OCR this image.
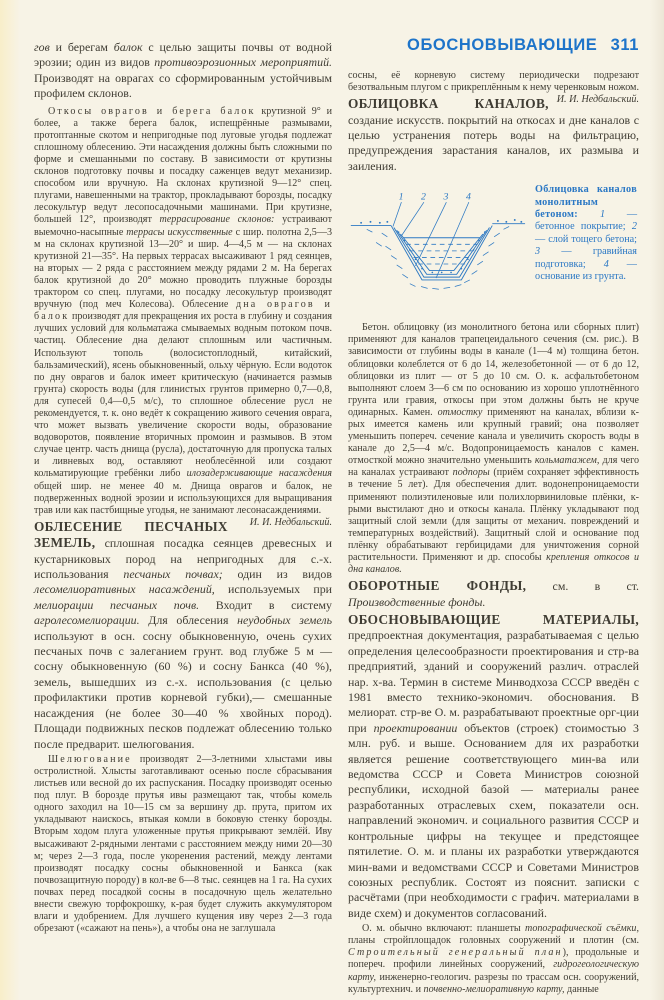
гов и берегам балок с целью защиты почвы от водной эрозии; один из видов противоэрозионных мероприятий. Производят на оврагах со сформированным устойчивым профилем склонов.

Откосы оврагов и берега балок крутизной 9° и более, а также берега балок, испещрённые размывами, протоптанные скотом и непригодные под луговые угодья подлежат сплошному облесению. Эти насаждения должны быть сложными по форме и смешанными по составу. В зависимости от крутизны склонов подготовку почвы и посадку саженцев ведут механизир. способом или вручную. На склонах крутизной 9—12° спец. плугами, навешенными на трактор, прокладывают борозды, посадку лесокультур ведут лесопосадочными машинами. При крутизне, большей 12°, производят террасирование склонов: устраивают выемочно-насыпные террасы искусственные с шир. полотна 2,5—3 м на склонах крутизной 13—20° и шир. 4—4,5 м — на склонах крутизной 21—35°. На первых террасах высаживают 1 ряд сеянцев, на вторых — 2 ряда с расстоянием между рядами 2 м. На берегах балок крутизной до 20° можно проводить плужные борозды трактором со спец. плугами, но посадку лесокультур производят вручную (под меч Колесова). Облесение дна оврагов и балок производят для прекращения их роста в глубину и создания лучших условий для кольматажа смываемых водным потоком почв. частиц. Облесение дна делают сплошным или частичным. Используют тополь (волосистоплодный, китайский, бальзамический), ясень обыкновенный, ольху чёрную. Если водоток по дну оврагов и балок имеет критическую (начинается размыв грунта) скорость воды (для глинистых грунтов примерно 0,7—0,8, для супесей 0,4—0,5 м/с), то сплошное облесение русл не рекомендуется, т. к. оно ведёт к сокращению живого сечения оврага, что может вызвать увеличение скорости воды, образование водоворотов, появление вторичных промоин и размывов. В этом случае центр. часть днища (русла), достаточную для пропуска талых и ливневых вод, оставляют необлесённой или создают кольматирующие гребёнки либо илозадерживающие насаждения общей шир. не менее 40 м. Днища оврагов и балок, не подверженных водной эрозии и использующихся для выращивания трав или как пастбищные угодья, не занимают лесонасаждениями.
И. И. Недбальский.

ОБЛЕСЕНИЕ ПЕСЧАНЫХ ЗЕМЕЛЬ, сплошная посадка сеянцев древесных и кустарниковых пород на непригодных для с.-х. использования песчаных почвах; один из видов лесомелиоративных насаждений, используемых при мелиорации песчаных почв. Входит в систему агролесомелиорации. Для облесения неудобных земель используют в осн. сосну обыкновенную, очень сухих песчаных почв с залеганием грунт. вод глубже 5 м — сосну обыкновенную (60 %) и сосну Банкса (40 %), земель, вышедших из с.-х. использования (с целью профилактики против корневой губки),— смешанные насаждения (не более 30—40 % хвойных пород). Площади подвижных песков подлежат облесению только после предварит. шелюгования.

Шелюгование производят 2—3-летними хлыстами ивы остролистной. Хлысты заготавливают осенью после сбрасывания листьев или весной до их распускания. Посадку производят осенью под плуг. В борозде прутья ивы размещают так, чтобы комель одного заходил на 10—15 см за вершину др. прута, притом их укладывают наискось, втыкая комли в боковую стенку борозды. Вторым ходом плуга уложенные прутья прикрывают землёй. Иву высаживают 2-рядными лентами с расстоянием между ними 20—30 м; через 2—3 года, после укоренения растений, между лентами производят посадку сосны обыкновенной и Банкса (как почвозащитную породу) в кол-ве 6—8 тыс. сеянцев на 1 га. На сухих почвах перед посадкой сосны в посадочную щель желательно внести свежую торфокрошку, к-рая будет служить аккумулятором влаги и удобрением. Для лучшего кущения иву через 2—3 года обрезают («сажают на пень»), а чтобы она не заглушала

ОБОСНОВЫВАЮЩИЕ 311

сосны, её корневую систему периодически подрезают безотвальным плугом с прикреплённым к нему черенковым ножом.
И. И. Недбальский.

ОБЛИЦОВКА КАНАЛОВ, создание искусств. покрытий на откосах и дне каналов с целью устранения потерь воды на фильтрацию, предупреждения зарастания каналов, их размыва и заиления.

1 2 3 4
Облицовка каналов монолитным бетоном: 1 — бетонное покрытие; 2 — слой тощего бетона; 3 — гравийная подготовка; 4 — основание из грунта.

Бетон. облицовку (из монолитного бетона или сборных плит) применяют для каналов трапецеидального сечения (см. рис.). В зависимости от глубины воды в канале (1—4 м) толщина бетон. облицовки колеблется от 6 до 14, железобетонной — от 6 до 12, облицовки из плит — от 5 до 10 см. О. к. асфальтобетоном выполняют слоем 3—6 см по основанию из хорошо уплотнённого грунта или гравия, откосы при этом должны быть не круче одинарных. Камен. отмостку применяют на каналах, вблизи к-рых имеется камень или крупный гравий; она позволяет уменьшить попереч. сечение канала и увеличить скорость воды в канале до 2,5—4 м/с. Водопроницаемость каналов с камен. отмосткой можно значительно уменьшить кольматажем, для чего на каналах устраивают подпоры (приём сохраняет эффективность в течение 5 лет). Для обеспечения длит. водонепроницаемости применяют полиэтиленовые или полихлорвиниловые плёнки, к-рыми выстилают дно и откосы канала. Плёнку укладывают под защитный слой земли (для защиты от механич. повреждений и температурных воздействий). Защитный слой и основание под плёнку обрабатывают гербицидами для уничтожения сорной растительности. Применяют и др. способы крепления откосов и дна каналов.

ОБОРОТНЫЕ ФОНДЫ, см. в ст. Производственные фонды.

ОБОСНОВЫВАЮЩИЕ МАТЕРИАЛЫ, предпроектная документация, разрабатываемая с целью определения целесообразности проектирования и стр-ва предприятий, зданий и сооружений различ. отраслей нар. х-ва. Термин в системе Минводхоза СССР введён с 1981 вместо технико-экономич. обоснования. В мелиорат. стр-ве О. м. разрабатывают проектные орг-ции при проектировании объектов (строек) стоимостью 3 млн. руб. и выше. Основанием для их разработки является решение соответствующего мин-ва или ведомства СССР и Совета Министров союзной республики, исходной базой — материалы ранее разработанных отраслевых схем, показатели осн. направлений экономич. и социального развития СССР и контрольные цифры на текущее и предстоящее пятилетие. О. м. и планы их разработки утверждаются мин-вами и ведомствами СССР и Советами Министров союзных республик. Состоят из пояснит. записки с расчётами (при необходимости с графич. материалами в виде схем) и документов согласований.

О. м. обычно включают: планшеты топографической съёмки, планы стройплощадок головных сооружений и плотин (см. Строительный генеральный план), продольные и попереч. профили линейных сооружений, гидрогеологическую карту, инженерно-геологич. разрезы по трассам осн. сооружений, культуртехнич. и почвенно-мелиоративную карту, данные
